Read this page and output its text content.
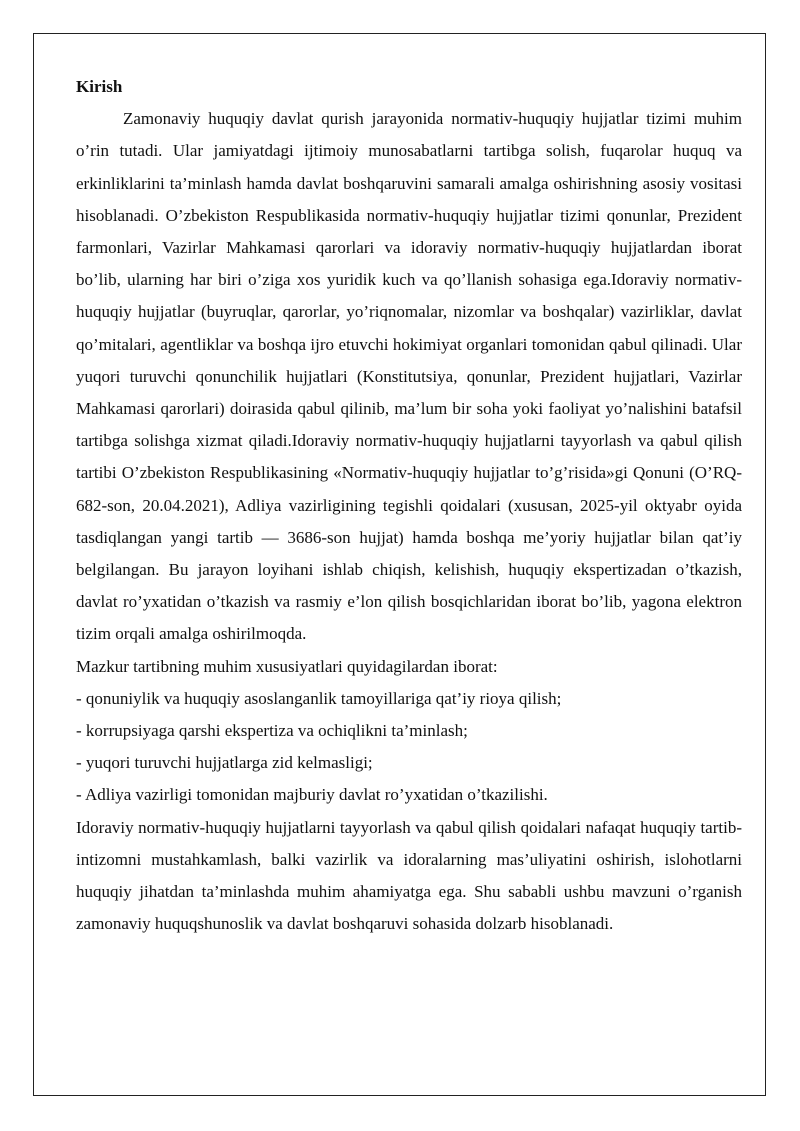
Kirish

Zamonaviy huquqiy davlat qurish jarayonida normativ-huquqiy hujjatlar tizimi muhim o’rin tutadi. Ular jamiyatdagi ijtimoiy munosabatlarni tartibga solish, fuqarolar huquq va erkinliklarini ta’minlash hamda davlat boshqaruvini samarali amalga oshirishning asosiy vositasi hisoblanadi. O’zbekiston Respublikasida normativ-huquqiy hujjatlar tizimi qonunlar, Prezident farmonlari, Vazirlar Mahkamasi qarorlari va idoraviy normativ-huquqiy hujjatlardan iborat bo’lib, ularning har biri o’ziga xos yuridik kuch va qo’llanish sohasiga ega.Idoraviy normativ-huquqiy hujjatlar (buyruqlar, qarorlar, yo’riqnomalar, nizomlar va boshqalar) vazirliklar, davlat qo’mitalari, agentliklar va boshqa ijro etuvchi hokimiyat organlari tomonidan qabul qilinadi. Ular yuqori turuvchi qonunchilik hujjatlari (Konstitutsiya, qonunlar, Prezident hujjatlari, Vazirlar Mahkamasi qarorlari) doirasida qabul qilinib, ma’lum bir soha yoki faoliyat yo’nalishini batafsil tartibga solishga xizmat qiladi.Idoraviy normativ-huquqiy hujjatlarni tayyorlash va qabul qilish tartibi O’zbekiston Respublikasining «Normativ-huquqiy hujjatlar to’g’risida»gi Qonuni (O’RQ-682-son, 20.04.2021), Adliya vazirligining tegishli qoidalari (xususan, 2025-yil oktyabr oyida tasdiqlangan yangi tartib — 3686-son hujjat) hamda boshqa me’yoriy hujjatlar bilan qat’iy belgilangan. Bu jarayon loyihani ishlab chiqish, kelishish, huquqiy ekspertizadan o’tkazish, davlat ro’yxatidan o’tkazish va rasmiy e’lon qilish bosqichlaridan iborat bo’lib, yagona elektron tizim orqali amalga oshirilmoqda.

Mazkur tartibning muhim xususiyatlari quyidagilardan iborat:

- qonuniylik va huquqiy asoslanganlik tamoyillariga qat’iy rioya qilish;
- korrupsiyaga qarshi ekspertiza va ochiqlikni ta’minlash;
- yuqori turuvchi hujjatlarga zid kelmasligi;
- Adliya vazirligi tomonidan majburiy davlat ro’yxatidan o’tkazilishi.

Idoraviy normativ-huquqiy hujjatlarni tayyorlash va qabul qilish qoidalari nafaqat huquqiy tartib-intizomni mustahkamlash, balki vazirlik va idoralarning mas’uliyatini oshirish, islohotlarni huquqiy jihatdan ta’minlashda muhim ahamiyatga ega. Shu sababli ushbu mavzuni o’rganish zamonaviy huquqshunoslik va davlat boshqaruvi sohasida dolzarb hisoblanadi.
